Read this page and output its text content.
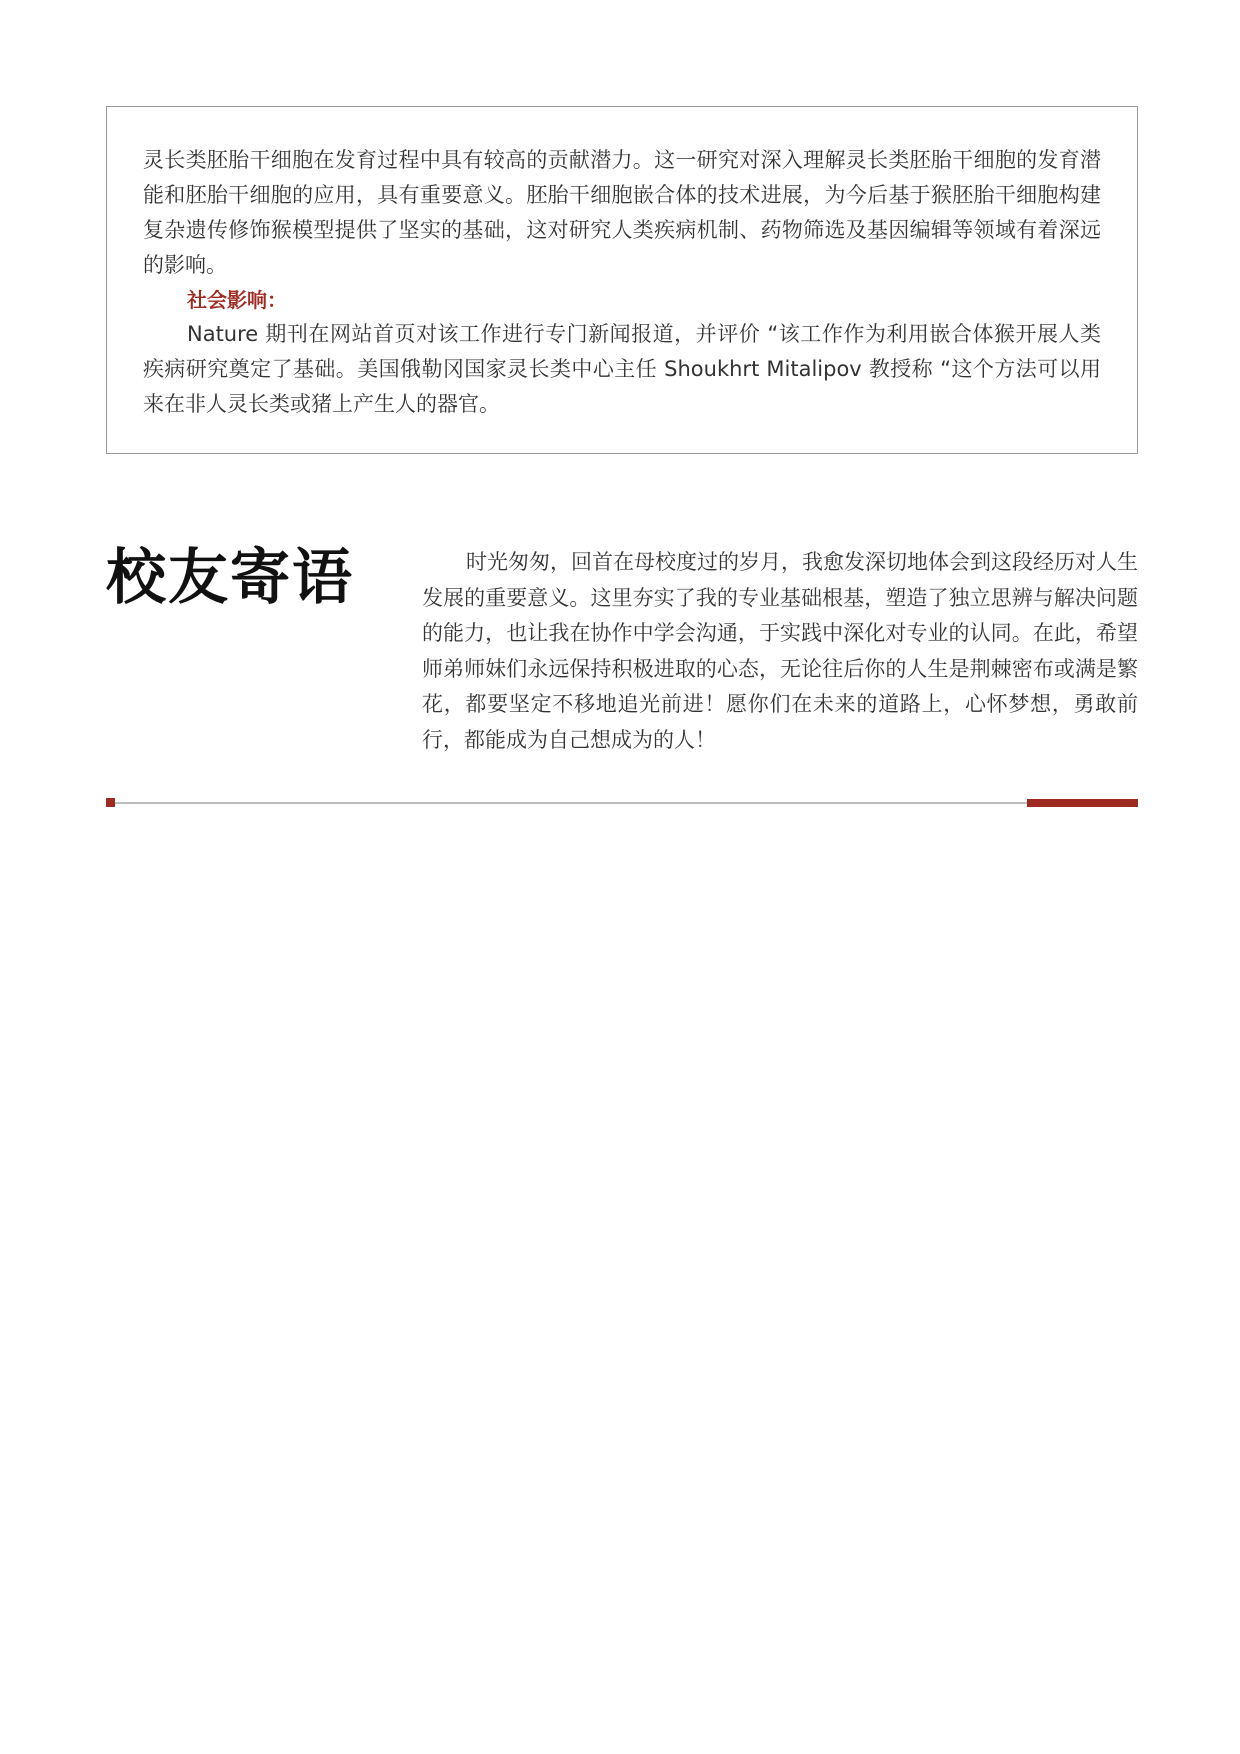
灵长类胚胎干细胞在发育过程中具有较高的贡献潜力。这一研究对深入理解灵长类胚胎干细胞的发育潜能和胚胎干细胞的应用，具有重要意义。胚胎干细胞嵌合体的技术进展，为今后基于猴胚胎干细胞构建复杂遗传修饰猴模型提供了坚实的基础，这对研究人类疾病机制、药物筛选及基因编辑等领域有着深远的影响。

社会影响：

Nature 期刊在网站首页对该工作进行专门新闻报道，并评价 “该工作作为利用嵌合体猴开展人类疾病研究奠定了基础。美国俄勒冈国家灵长类中心主任 Shoukhrt Mitalipov 教授称 “这个方法可以用来在非人灵长类或猪上产生人的器官。

校友寄语	时光匆匆，回首在母校度过的岁月，我愈发深切地体会到这段经历对人生发展的重要意义。这里夯实了我的专业基础根基，塑造了独立思辨与解决问题的能力，也让我在协作中学会沟通，于实践中深化对专业的认同。在此，希望师弟师妹们永远保持积极进取的心态，无论往后你的人生是荆棘密布或满是繁花，都要坚定不移地追光前进！愿你们在未来的道路上，心怀梦想，勇敢前行，都能成为自己想成为的人！
